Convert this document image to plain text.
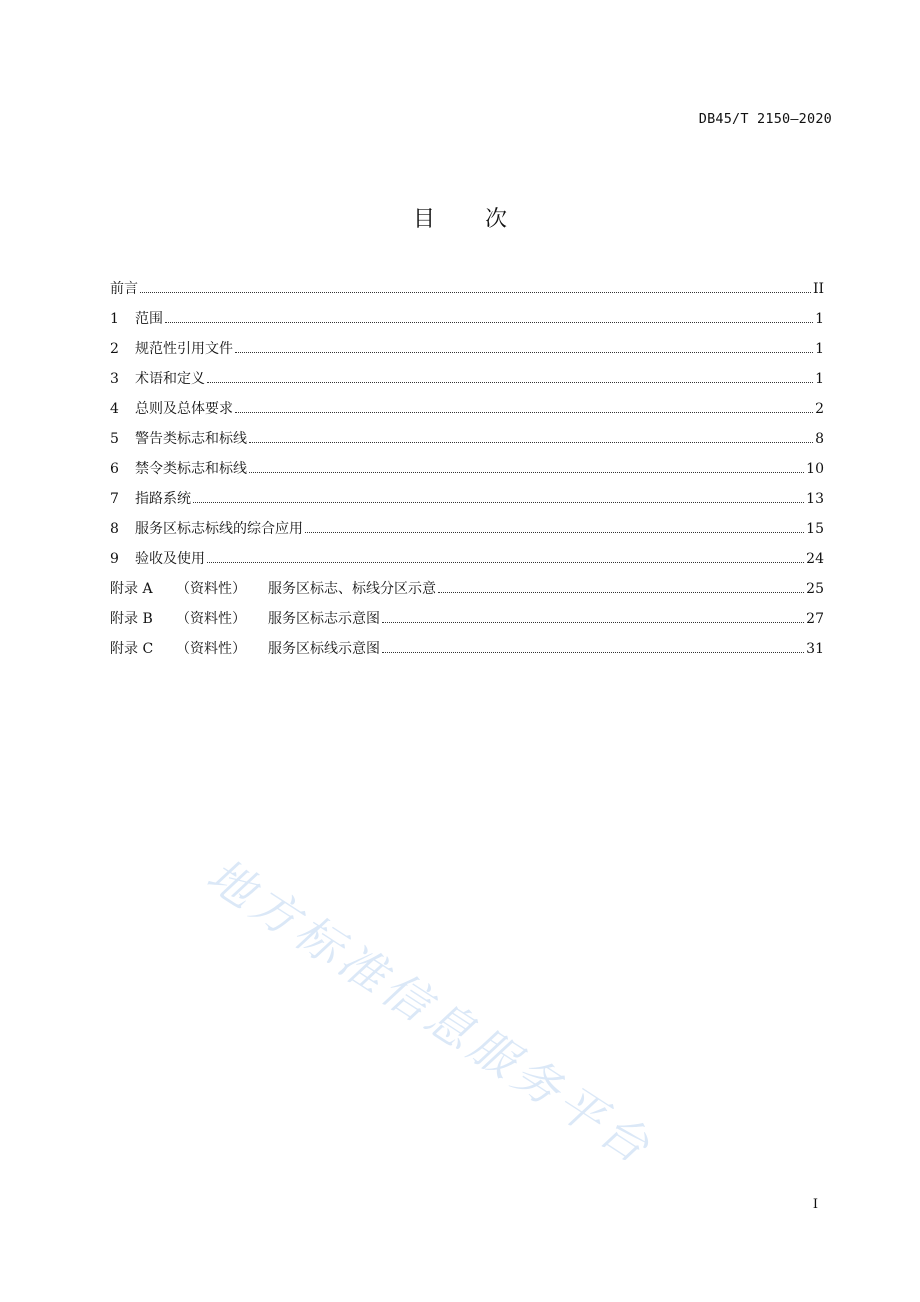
DB45/T 2150—2020
目 次
前言	II
1	范围	1
2	规范性引用文件	1
3	术语和定义	1
4	总则及总体要求	2
5	警告类标志和标线	8
6	禁令类标志和标线	10
7	指路系统	13
8	服务区标志标线的综合应用	15
9	验收及使用	24
附录 A	（资料性）	服务区标志、标线分区示意	25
附录 B	（资料性）	服务区标志示意图	27
附录 C	（资料性）	服务区标线示意图	31
地方标准信息服务平台
I
